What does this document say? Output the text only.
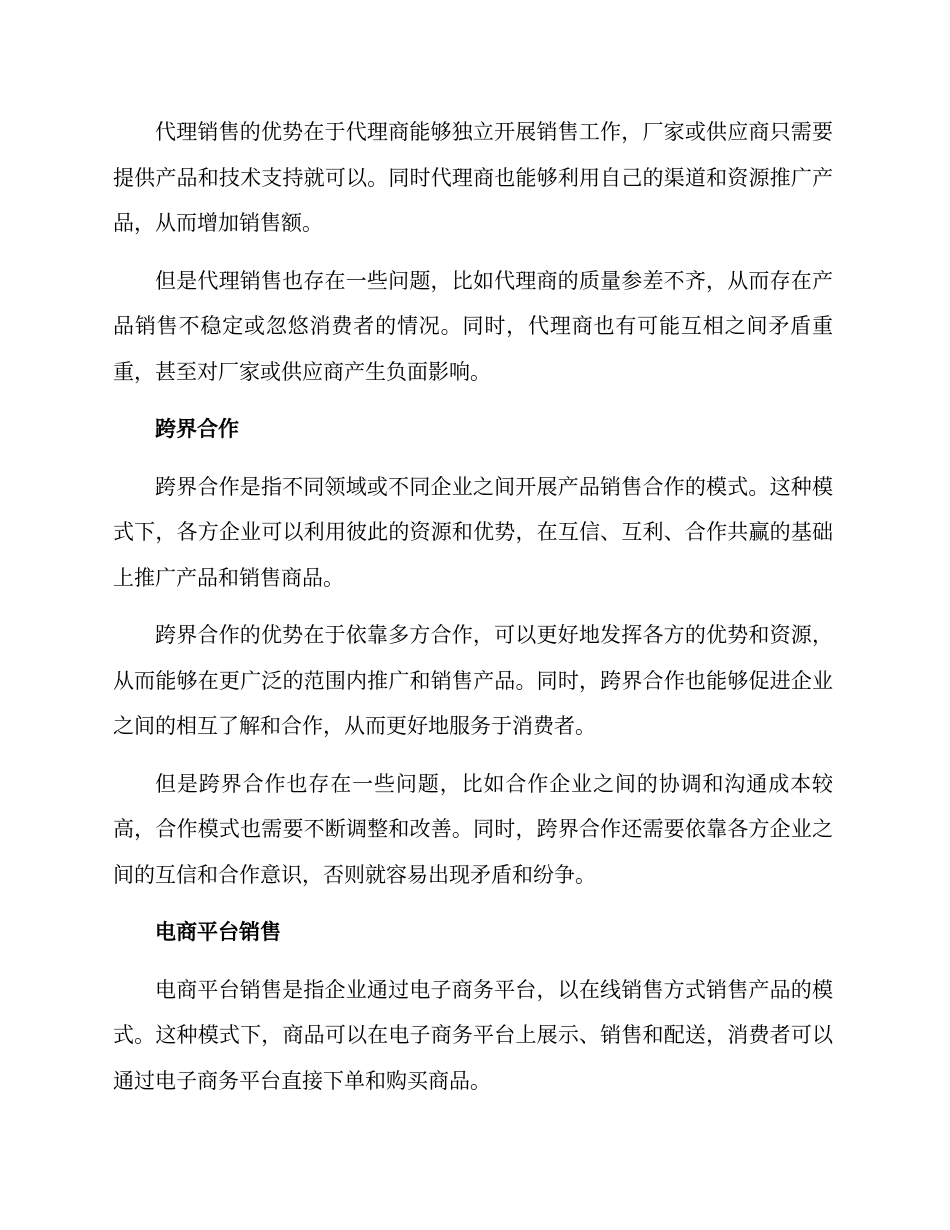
代理销售的优势在于代理商能够独立开展销售工作，厂家或供应商只需要提供产品和技术支持就可以。同时代理商也能够利用自己的渠道和资源推广产品，从而增加销售额。

但是代理销售也存在一些问题，比如代理商的质量参差不齐，从而存在产品销售不稳定或忽悠消费者的情况。同时，代理商也有可能互相之间矛盾重重，甚至对厂家或供应商产生负面影响。

跨界合作

跨界合作是指不同领域或不同企业之间开展产品销售合作的模式。这种模式下，各方企业可以利用彼此的资源和优势，在互信、互利、合作共赢的基础上推广产品和销售商品。

跨界合作的优势在于依靠多方合作，可以更好地发挥各方的优势和资源，从而能够在更广泛的范围内推广和销售产品。同时，跨界合作也能够促进企业之间的相互了解和合作，从而更好地服务于消费者。

但是跨界合作也存在一些问题，比如合作企业之间的协调和沟通成本较高，合作模式也需要不断调整和改善。同时，跨界合作还需要依靠各方企业之间的互信和合作意识，否则就容易出现矛盾和纷争。

电商平台销售

电商平台销售是指企业通过电子商务平台，以在线销售方式销售产品的模式。这种模式下，商品可以在电子商务平台上展示、销售和配送，消费者可以通过电子商务平台直接下单和购买商品。
